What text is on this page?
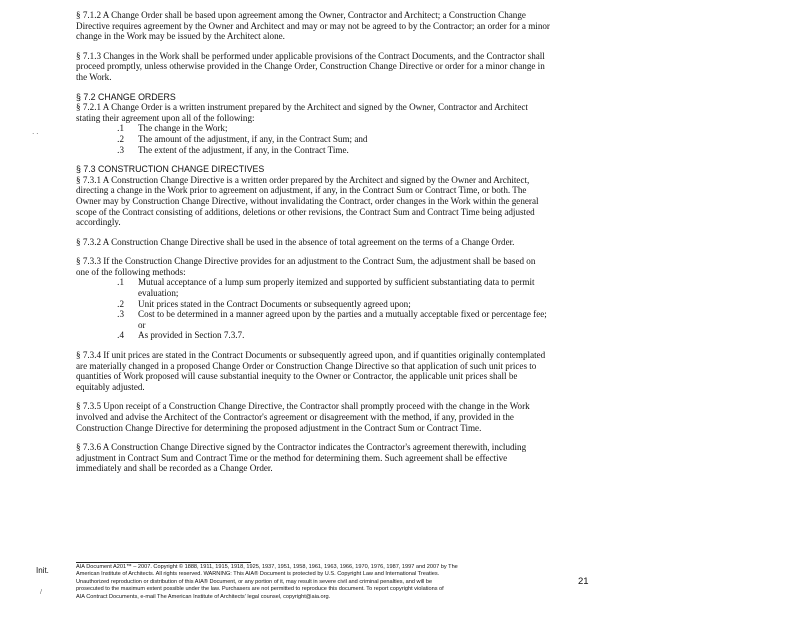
· ·

§ 7.1.2 A Change Order shall be based upon agreement among the Owner, Contractor and Architect; a Construction Change Directive requires agreement by the Owner and Architect and may or may not be agreed to by the Contractor; an order for a minor change in the Work may be issued by the Architect alone.

§ 7.1.3 Changes in the Work shall be performed under applicable provisions of the Contract Documents, and the Contractor shall proceed promptly, unless otherwise provided in the Change Order, Construction Change Directive or order for a minor change in the Work.

§ 7.2 CHANGE ORDERS

§ 7.2.1 A Change Order is a written instrument prepared by the Architect and signed by the Owner, Contractor and Architect stating their agreement upon all of the following:

.1	The change in the Work;
.2	The amount of the adjustment, if any, in the Contract Sum; and
.3	The extent of the adjustment, if any, in the Contract Time.

§ 7.3 CONSTRUCTION CHANGE DIRECTIVES

§ 7.3.1 A Construction Change Directive is a written order prepared by the Architect and signed by the Owner and Architect, directing a change in the Work prior to agreement on adjustment, if any, in the Contract Sum or Contract Time, or both. The Owner may by Construction Change Directive, without invalidating the Contract, order changes in the Work within the general scope of the Contract consisting of additions, deletions or other revisions, the Contract Sum and Contract Time being adjusted accordingly.

§ 7.3.2 A Construction Change Directive shall be used in the absence of total agreement on the terms of a Change Order.

§ 7.3.3 If the Construction Change Directive provides for an adjustment to the Contract Sum, the adjustment shall be based on one of the following methods:

.1	Mutual acceptance of a lump sum properly itemized and supported by sufficient substantiating data to permit evaluation;
.2	Unit prices stated in the Contract Documents or subsequently agreed upon;
.3	Cost to be determined in a manner agreed upon by the parties and a mutually acceptable fixed or percentage fee; or
.4	As provided in Section 7.3.7.

§ 7.3.4 If unit prices are stated in the Contract Documents or subsequently agreed upon, and if quantities originally contemplated are materially changed in a proposed Change Order or Construction Change Directive so that application of such unit prices to quantities of Work proposed will cause substantial inequity to the Owner or Contractor, the applicable unit prices shall be equitably adjusted.

§ 7.3.5 Upon receipt of a Construction Change Directive, the Contractor shall promptly proceed with the change in the Work involved and advise the Architect of the Contractor's agreement or disagreement with the method, if any, provided in the Construction Change Directive for determining the proposed adjustment in the Contract Sum or Contract Time.

§ 7.3.6 A Construction Change Directive signed by the Contractor indicates the Contractor's agreement therewith, including adjustment in Contract Sum and Contract Time or the method for determining them. Such agreement shall be effective immediately and shall be recorded as a Change Order.

AIA Document A201™ – 2007. Copyright © 1888, 1911, 1915, 1918, 1925, 1937, 1951, 1958, 1961, 1963, 1966, 1970, 1976, 1987, 1997 and 2007 by The
American Institute of Architects. All rights reserved. WARNING: This AIA® Document is protected by U.S. Copyright Law and International Treaties.
Unauthorized reproduction or distribution of this AIA® Document, or any portion of it, may result in severe civil and criminal penalties, and will be
prosecuted to the maximum extent possible under the law. Purchasers are not permitted to reproduce this document. To report copyright violations of
AIA Contract Documents, e-mail The American Institute of Architects' legal counsel, copyright@aia.org.
Init.
/
21
